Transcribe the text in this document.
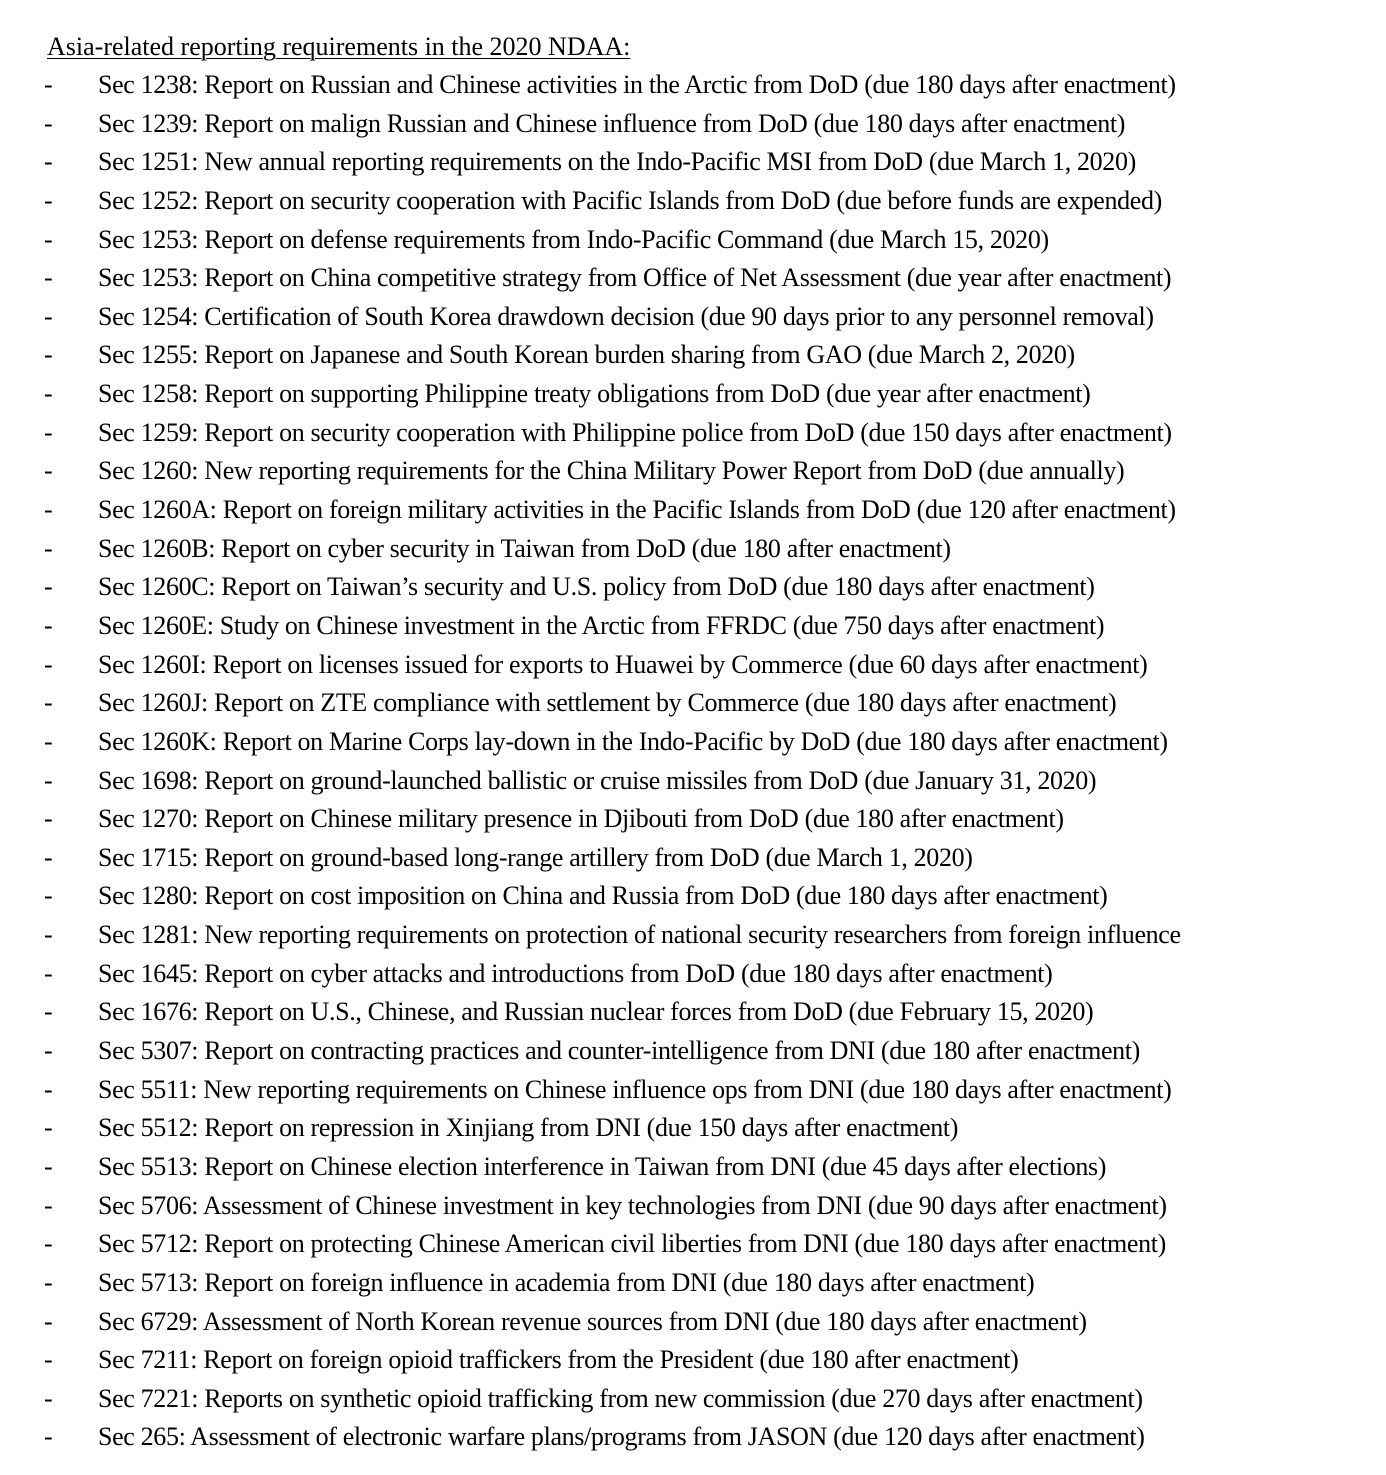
Asia-related reporting requirements in the 2020 NDAA:
- Sec 1238: Report on Russian and Chinese activities in the Arctic from DoD (due 180 days after enactment)
- Sec 1239: Report on malign Russian and Chinese influence from DoD (due 180 days after enactment)
- Sec 1251: New annual reporting requirements on the Indo-Pacific MSI from DoD (due March 1, 2020)
- Sec 1252: Report on security cooperation with Pacific Islands from DoD (due before funds are expended)
- Sec 1253: Report on defense requirements from Indo-Pacific Command (due March 15, 2020)
- Sec 1253: Report on China competitive strategy from Office of Net Assessment (due year after enactment)
- Sec 1254: Certification of South Korea drawdown decision (due 90 days prior to any personnel removal)
- Sec 1255: Report on Japanese and South Korean burden sharing from GAO (due March 2, 2020)
- Sec 1258: Report on supporting Philippine treaty obligations from DoD (due year after enactment)
- Sec 1259: Report on security cooperation with Philippine police from DoD (due 150 days after enactment)
- Sec 1260: New reporting requirements for the China Military Power Report from DoD (due annually)
- Sec 1260A: Report on foreign military activities in the Pacific Islands from DoD (due 120 after enactment)
- Sec 1260B: Report on cyber security in Taiwan from DoD (due 180 after enactment)
- Sec 1260C: Report on Taiwan’s security and U.S. policy from DoD (due 180 days after enactment)
- Sec 1260E: Study on Chinese investment in the Arctic from FFRDC (due 750 days after enactment)
- Sec 1260I: Report on licenses issued for exports to Huawei by Commerce (due 60 days after enactment)
- Sec 1260J: Report on ZTE compliance with settlement by Commerce (due 180 days after enactment)
- Sec 1260K: Report on Marine Corps lay-down in the Indo-Pacific by DoD (due 180 days after enactment)
- Sec 1698: Report on ground-launched ballistic or cruise missiles from DoD (due January 31, 2020)
- Sec 1270: Report on Chinese military presence in Djibouti from DoD (due 180 after enactment)
- Sec 1715: Report on ground-based long-range artillery from DoD (due March 1, 2020)
- Sec 1280: Report on cost imposition on China and Russia from DoD (due 180 days after enactment)
- Sec 1281: New reporting requirements on protection of national security researchers from foreign influence
- Sec 1645: Report on cyber attacks and introductions from DoD (due 180 days after enactment)
- Sec 1676: Report on U.S., Chinese, and Russian nuclear forces from DoD (due February 15, 2020)
- Sec 5307: Report on contracting practices and counter-intelligence from DNI (due 180 after enactment)
- Sec 5511: New reporting requirements on Chinese influence ops from DNI (due 180 days after enactment)
- Sec 5512: Report on repression in Xinjiang from DNI (due 150 days after enactment)
- Sec 5513: Report on Chinese election interference in Taiwan from DNI (due 45 days after elections)
- Sec 5706: Assessment of Chinese investment in key technologies from DNI (due 90 days after enactment)
- Sec 5712: Report on protecting Chinese American civil liberties from DNI (due 180 days after enactment)
- Sec 5713: Report on foreign influence in academia from DNI (due 180 days after enactment)
- Sec 6729: Assessment of North Korean revenue sources from DNI (due 180 days after enactment)
- Sec 7211: Report on foreign opioid traffickers from the President (due 180 after enactment)
- Sec 7221: Reports on synthetic opioid trafficking from new commission (due 270 days after enactment)
- Sec 265: Assessment of electronic warfare plans/programs from JASON (due 120 days after enactment)
